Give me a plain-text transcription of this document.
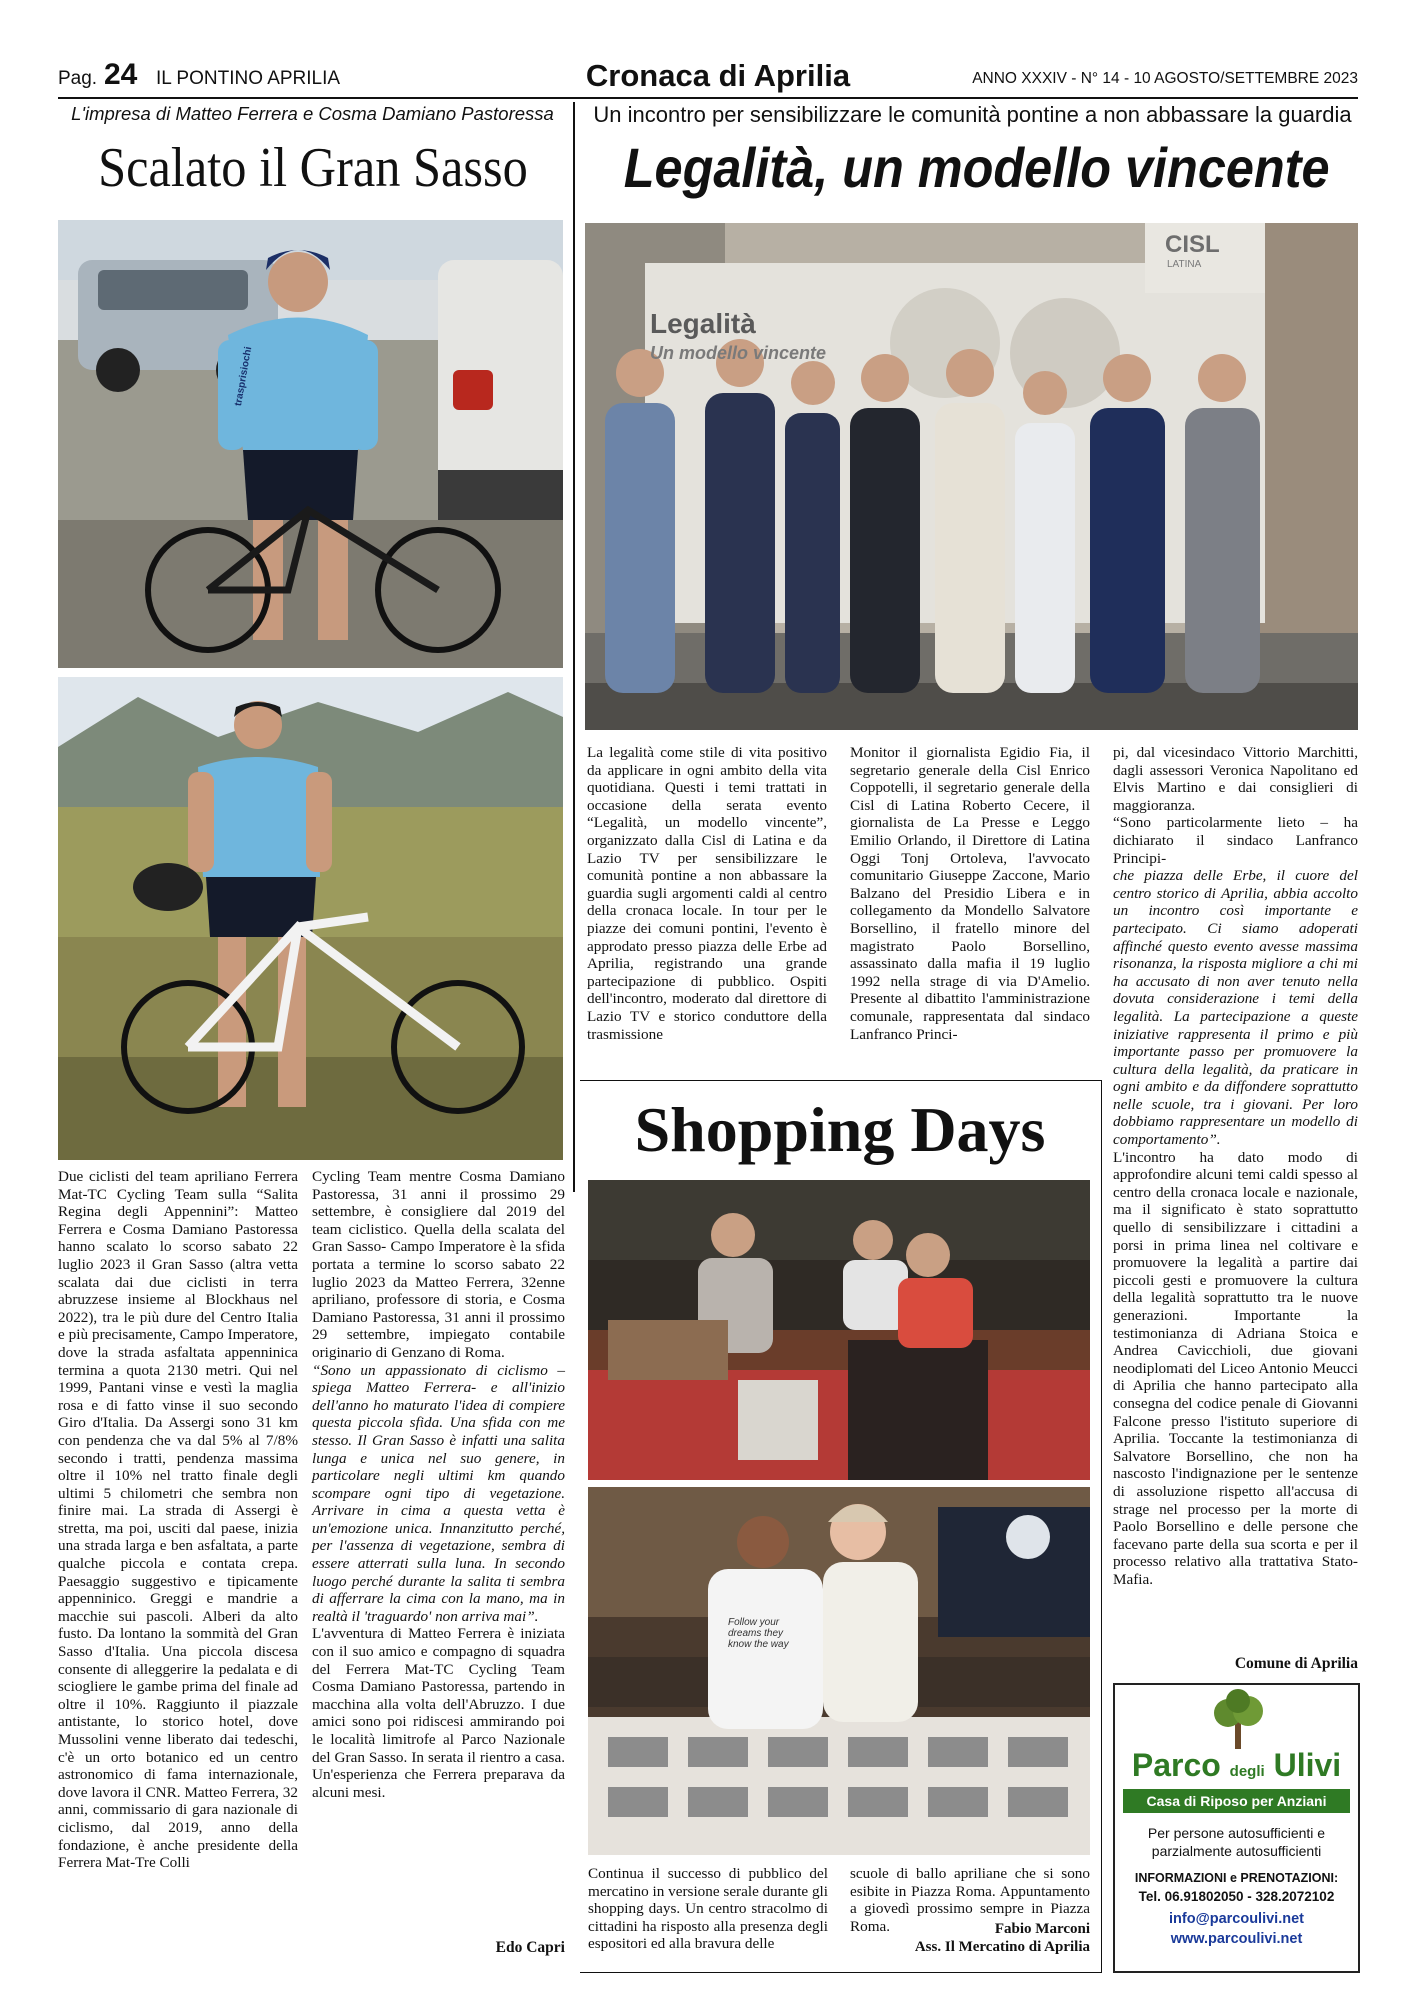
Pag. 24 IL PONTINO APRILIA	Cronaca di Aprilia	ANNO XXXIV - N° 14 - 10 AGOSTO/SETTEMBRE 2023
L'impresa di Matteo Ferrera e Cosma Damiano Pastoressa
Scalato il Gran Sasso
trasprisiochi

Due ciclisti del team apriliano Ferrera Mat-TC Cycling Team sulla “Salita Regina degli Appennini”: Matteo Ferrera e Cosma Damiano Pastoressa hanno scalato lo scorso sabato 22 luglio 2023 il Gran Sasso (altra vetta scalata dai due ciclisti in terra abruzzese insieme al Blockhaus nel 2022), tra le più dure del Centro Italia e più precisamente, Campo Imperatore, dove la strada asfaltata appenninica termina a quota 2130 metri. Qui nel 1999, Pantani vinse e vestì la maglia rosa e di fatto vinse il suo secondo Giro d'Italia. Da Assergi sono 31 km con pendenza che va dal 5% al 7/8% secondo i tratti, pendenza massima oltre il 10% nel tratto finale degli ultimi 5 chilometri che sembra non finire mai. La strada di Assergi è stretta, ma poi, usciti dal paese, inizia una strada larga e ben asfaltata, a parte qualche piccola e contata crepa. Paesaggio suggestivo e tipicamente appenninico. Greggi e mandrie a macchie sui pascoli. Alberi da alto fusto. Da lontano la sommità del Gran Sasso d'Italia. Una piccola discesa consente di alleggerire la pedalata e di sciogliere le gambe prima del finale ad oltre il 10%. Raggiunto il piazzale antistante, lo storico hotel, dove Mussolini venne liberato dai tedeschi, c'è un orto botanico ed un centro astronomico di fama internazionale, dove lavora il CNR. Matteo Ferrera, 32 anni, commissario di gara nazionale di ciclismo, dal 2019, anno della fondazione, è anche presidente della Ferrera Mat-Tre Colli

Cycling Team mentre Cosma Damiano Pastoressa, 31 anni il prossimo 29 settembre, è consigliere dal 2019 del team ciclistico. Quella della scalata del Gran Sasso- Campo Imperatore è la sfida portata a termine lo scorso sabato 22 luglio 2023 da Matteo Ferrera, 32enne apriliano, professore di storia, e Cosma Damiano Pastoressa, 31 anni il prossimo 29 settembre, impiegato contabile originario di Genzano di Roma.

“Sono un appassionato di ciclismo – spiega Matteo Ferrera- e all'inizio dell'anno ho maturato l'idea di compiere questa piccola sfida. Una sfida con me stesso. Il Gran Sasso è infatti una salita lunga e unica nel suo genere, in particolare negli ultimi km quando scompare ogni tipo di vegetazione. Arrivare in cima a questa vetta è un'emozione unica. Innanzitutto perché, per l'assenza di vegetazione, sembra di essere atterrati sulla luna. In secondo luogo perché durante la salita ti sembra di afferrare la cima con la mano, ma in realtà il 'traguardo' non arriva mai”.

L'avventura di Matteo Ferrera è iniziata con il suo amico e compagno di squadra del Ferrera Mat-TC Cycling Team Cosma Damiano Pastoressa, partendo in macchina alla volta dell'Abruzzo. I due amici sono poi ridiscesi ammirando poi le località limitrofe al Parco Nazionale del Gran Sasso. In serata il rientro a casa. Un'esperienza che Ferrera preparava da alcuni mesi.

Edo Capri
Un incontro per sensibilizzare le comunità pontine a non abbassare la guardia
Legalità, un modello vincente
Legalità
Un modello vincente
CISL
LATINA

La legalità come stile di vita positivo da applicare in ogni ambito della vita quotidiana. Questi i temi trattati in occasione della serata evento “Legalità, un modello vincente”, organizzato dalla Cisl di Latina e da Lazio TV per sensibilizzare le comunità pontine a non abbassare la guardia sugli argomenti caldi al centro della cronaca locale. In tour per le piazze dei comuni pontini, l'evento è approdato presso piazza delle Erbe ad Aprilia, registrando una grande partecipazione di pubblico. Ospiti dell'incontro, moderato dal direttore di Lazio TV e storico conduttore della trasmissione

Monitor il giornalista Egidio Fia, il segretario generale della Cisl Enrico Coppotelli, il segretario generale della Cisl di Latina Roberto Cecere, il giornalista de La Presse e Leggo Emilio Orlando, il Direttore di Latina Oggi Tonj Ortoleva, l'avvocato comunitario Giuseppe Zaccone, Mario Balzano del Presidio Libera e in collegamento da Mondello Salvatore Borsellino, il fratello minore del magistrato Paolo Borsellino, assassinato dalla mafia il 19 luglio 1992 nella strage di via D'Amelio. Presente al dibattito l'amministrazione comunale, rappresentata dal sindaco Lanfranco Princi-

pi, dal vicesindaco Vittorio Marchitti, dagli assessori Veronica Napolitano ed Elvis Martino e dai consiglieri di maggioranza.

“Sono particolarmente lieto – ha dichiarato il sindaco Lanfranco Principi-

che piazza delle Erbe, il cuore del centro storico di Aprilia, abbia accolto un incontro così importante e partecipato. Ci siamo adoperati affinché questo evento avesse massima risonanza, la risposta migliore a chi mi ha accusato di non aver tenuto nella dovuta considerazione i temi della legalità. La partecipazione a queste iniziative rappresenta il primo e più importante passo per promuovere la cultura della legalità, da praticare in ogni ambito e da diffondere soprattutto nelle scuole, tra i giovani. Per loro dobbiamo rappresentare un modello di comportamento”.

L'incontro ha dato modo di approfondire alcuni temi caldi spesso al centro della cronaca locale e nazionale, ma il significato è stato soprattutto quello di sensibilizzare i cittadini a porsi in prima linea nel coltivare e promuovere la legalità a partire dai piccoli gesti e promuovere la cultura della legalità soprattutto tra le nuove generazioni. Importante la testimonianza di Adriana Stoica e Andrea Cavicchioli, due giovani neodiplomati del Liceo Antonio Meucci di Aprilia che hanno partecipato alla consegna del codice penale di Giovanni Falcone presso l'istituto superiore di Aprilia. Toccante la testimonianza di Salvatore Borsellino, che non ha nascosto l'indignazione per le sentenze di assoluzione rispetto all'accusa di strage nel processo per la morte di Paolo Borsellino e delle persone che facevano parte della sua scorta e per il processo relativo alla trattativa Stato-Mafia.

Comune di Aprilia
Shopping Days
Follow your dreams they know the way

Continua il successo di pubblico del mercatino in versione serale durante gli shopping days. Un centro stracolmo di cittadini ha risposto alla presenza degli espositori ed alla bravura delle

scuole di ballo apriliane che si sono esibite in Piazza Roma. Appuntamento a giovedì prossimo sempre in Piazza Roma.	Fabio Marconi
Ass. Il Mercatino di Aprilia
Parco degli Ulivi
Casa di Riposo per Anziani
Per persone autosufficienti e
parzialmente autosufficienti
INFORMAZIONI e PRENOTAZIONI:
Tel. 06.91802050 - 328.2072102
info@parcoulivi.net
www.parcoulivi.net
